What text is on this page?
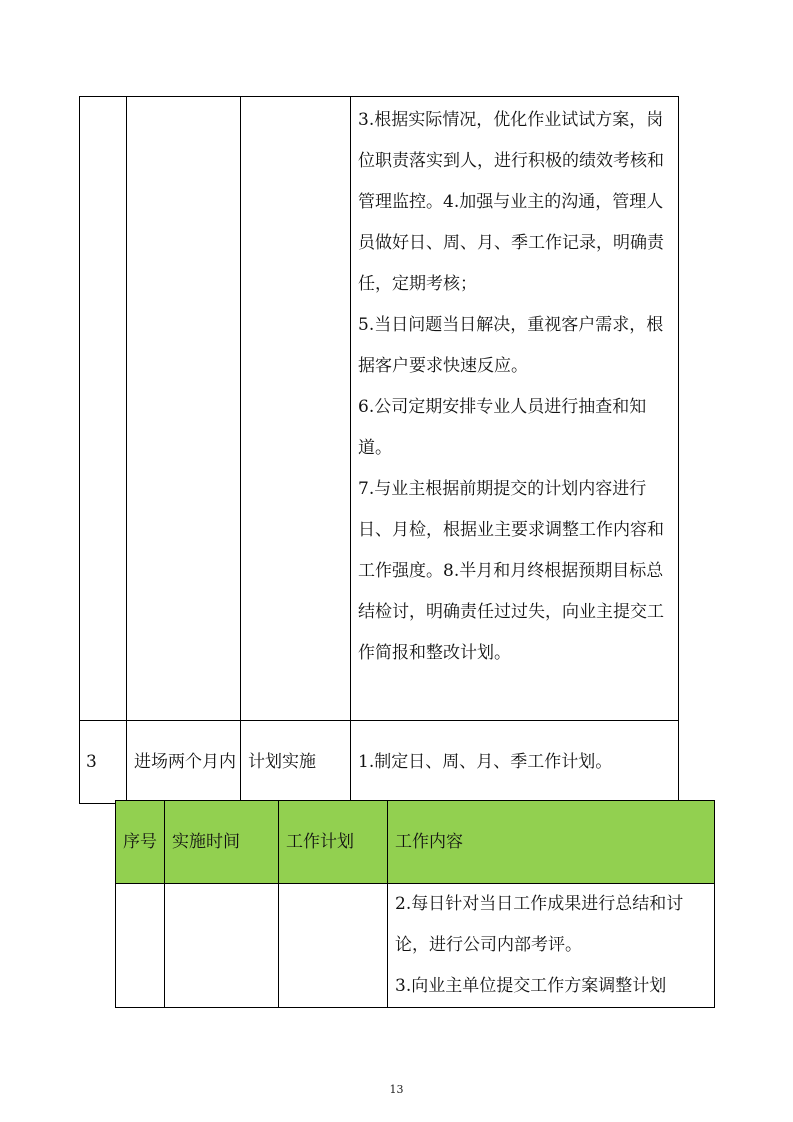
			3.根据实际情况，优化作业试试方案，岗位职责落实到人，进行积极的绩效考核和管理监控。4.加强与业主的沟通，管理人员做好日、周、月、季工作记录，明确责任，定期考核；
5.当日问题当日解决，重视客户需求，根据客户要求快速反应。
6.公司定期安排专业人员进行抽查和知道。
7.与业主根据前期提交的计划内容进行日、月检，根据业主要求调整工作内容和工作强度。8.半月和月终根据预期目标总结检讨，明确责任过过失，向业主提交工作简报和整改计划。

3	进场两个月内	计划实施	1.制定日、周、月、季工作计划。
序号	实施时间	工作计划	工作内容

			2.每日针对当日工作成果进行总结和讨论，进行公司内部考评。
3.向业主单位提交工作方案调整计划
13
